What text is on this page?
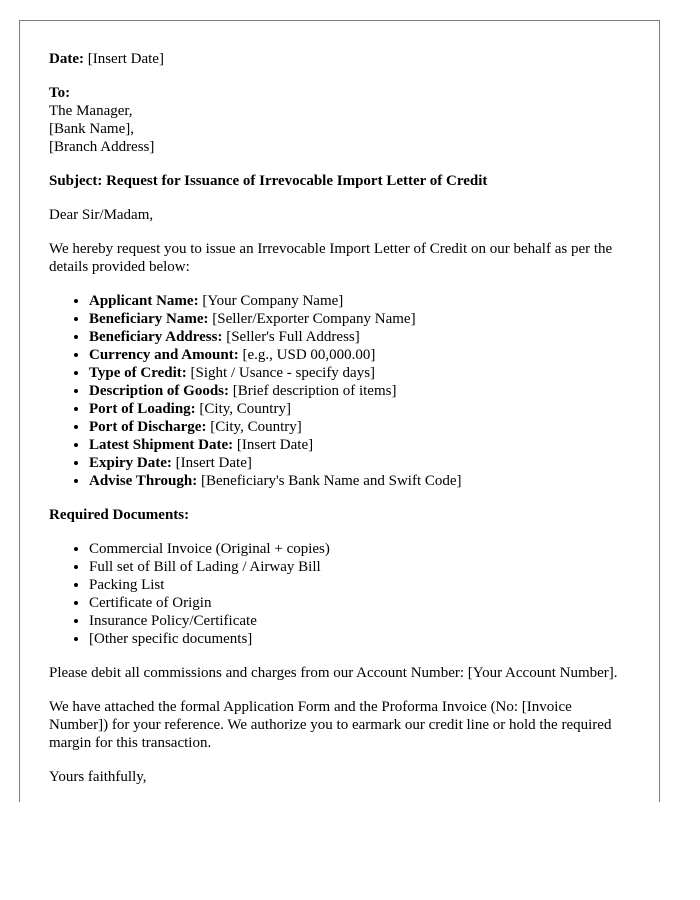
Date: [Insert Date]

To:
The Manager,
[Bank Name],
[Branch Address]

Subject: Request for Issuance of Irrevocable Import Letter of Credit

Dear Sir/Madam,

We hereby request you to issue an Irrevocable Import Letter of Credit on our behalf as per the details provided below:

• Applicant Name: [Your Company Name]
• Beneficiary Name: [Seller/Exporter Company Name]
• Beneficiary Address: [Seller's Full Address]
• Currency and Amount: [e.g., USD 00,000.00]
• Type of Credit: [Sight / Usance - specify days]
• Description of Goods: [Brief description of items]
• Port of Loading: [City, Country]
• Port of Discharge: [City, Country]
• Latest Shipment Date: [Insert Date]
• Expiry Date: [Insert Date]
• Advise Through: [Beneficiary's Bank Name and Swift Code]

Required Documents:

• Commercial Invoice (Original + copies)
• Full set of Bill of Lading / Airway Bill
• Packing List
• Certificate of Origin
• Insurance Policy/Certificate
• [Other specific documents]

Please debit all commissions and charges from our Account Number: [Your Account Number].

We have attached the formal Application Form and the Proforma Invoice (No: [Invoice Number]) for your reference. We authorize you to earmark our credit line or hold the required margin for this transaction.

Yours faithfully,
